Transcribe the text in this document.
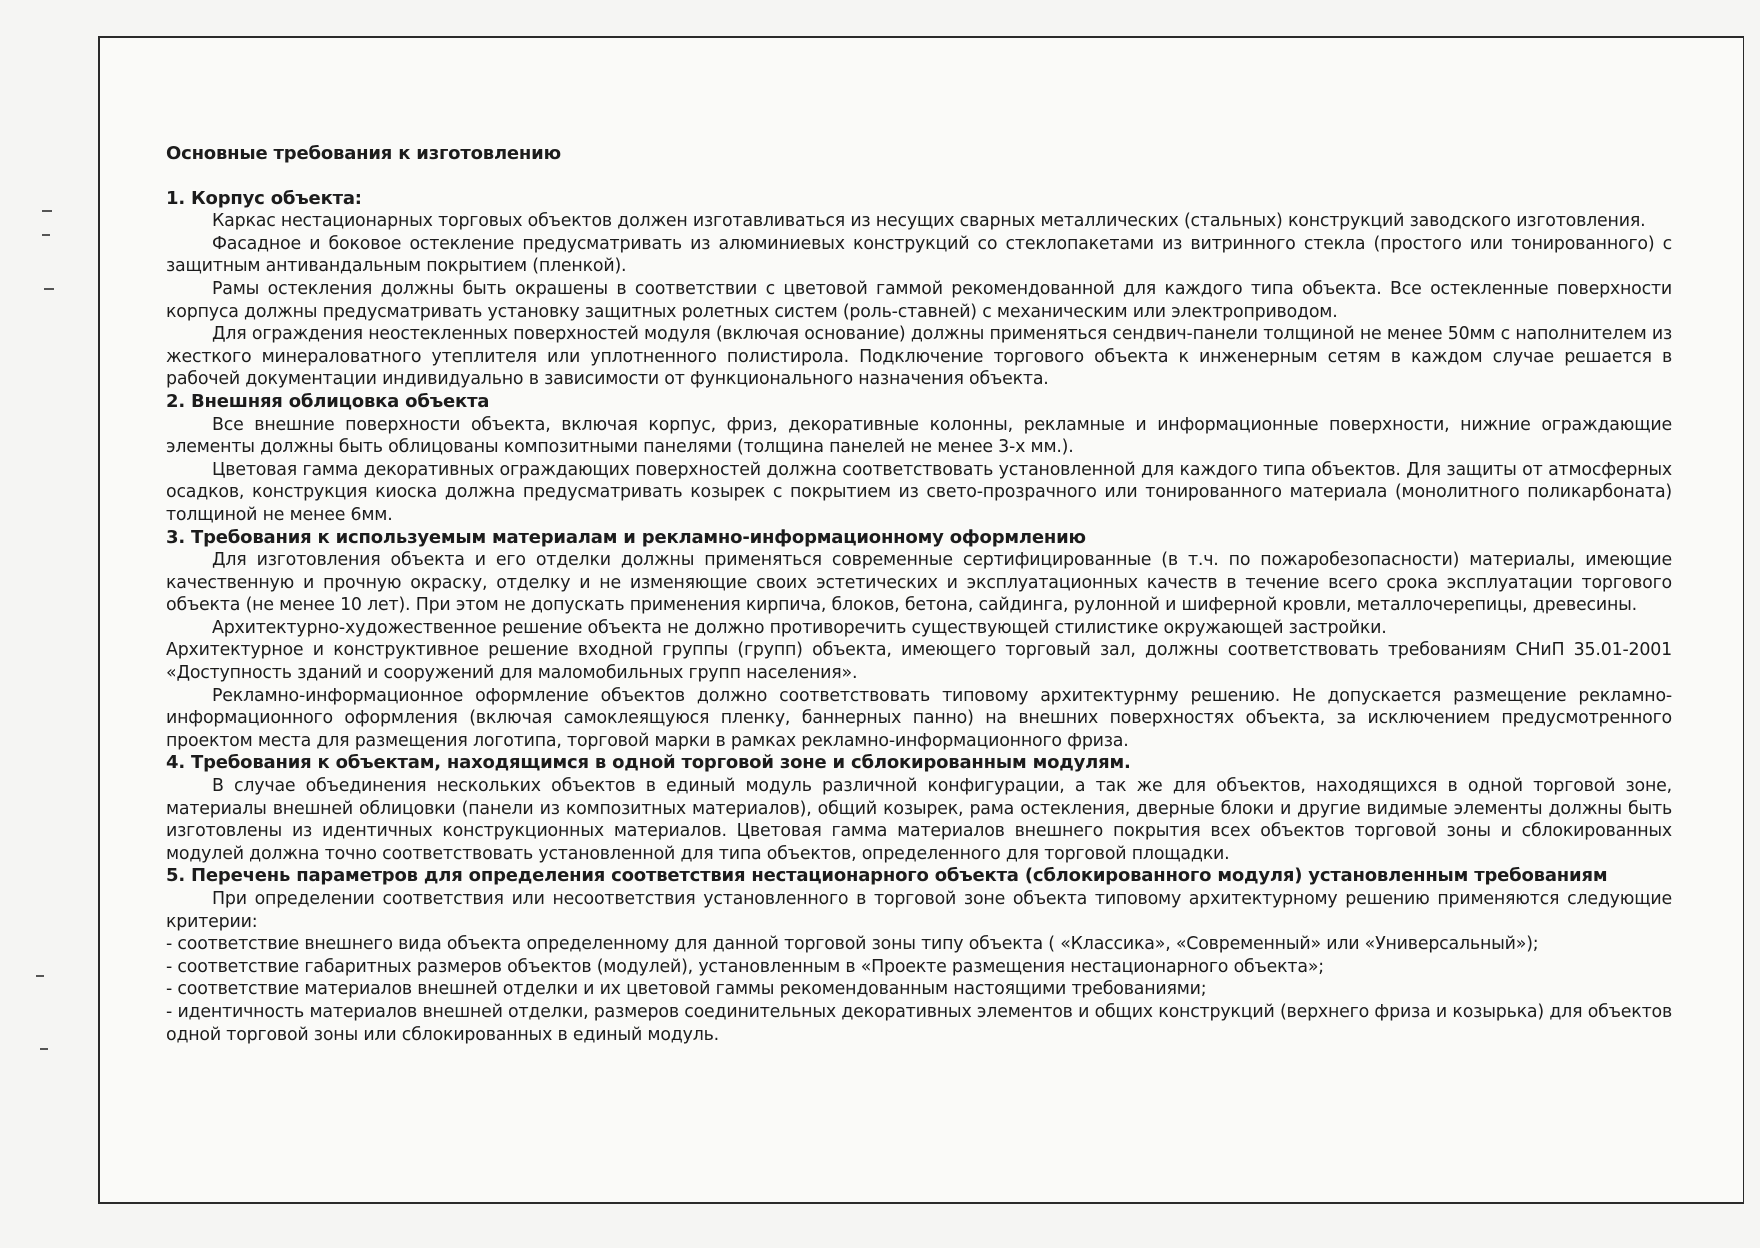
Основные требования к изготовлению

1. Корпус объекта:

Каркас нестационарных торговых объектов должен изготавливаться из несущих сварных металлических (стальных) конструкций заводского изготовления.

Фасадное и боковое остекление предусматривать из алюминиевых конструкций со стеклопакетами из витринного стекла (простого или тонированного) с защитным антивандальным покрытием (пленкой).

Рамы остекления должны быть окрашены в соответствии с цветовой гаммой рекомендованной для каждого типа объекта. Все остекленные поверхности корпуса должны предусматривать установку защитных ролетных систем (роль-ставней) с механическим или электроприводом.

Для ограждения неостекленных поверхностей модуля (включая основание) должны применяться сендвич-панели толщиной не менее 50мм с наполнителем из жесткого минераловатного утеплителя или уплотненного полистирола. Подключение торгового объекта к инженерным сетям в каждом случае решается в рабочей документации индивидуально в зависимости от функционального назначения объекта.

2. Внешняя облицовка объекта

Все внешние поверхности объекта, включая корпус, фриз, декоративные колонны, рекламные и информационные поверхности, нижние ограждающие элементы должны быть облицованы композитными панелями (толщина панелей не менее 3-х мм.).

Цветовая гамма декоративных ограждающих поверхностей должна соответствовать установленной для каждого типа объектов. Для защиты от атмосферных осадков, конструкция киоска должна предусматривать козырек с покрытием из свето-прозрачного или тонированного материала (монолитного поликарбоната) толщиной не менее 6мм.

3. Требования к используемым материалам и рекламно-информационному оформлению

Для изготовления объекта и его отделки должны применяться современные сертифицированные (в т.ч. по пожаробезопасности) материалы, имеющие качественную и прочную окраску, отделку и не изменяющие своих эстетических и эксплуатационных качеств в течение всего срока эксплуатации торгового объекта (не менее 10 лет). При этом не допускать применения кирпича, блоков, бетона, сайдинга, рулонной и шиферной кровли, металлочерепицы, древесины.

Архитектурно-художественное решение объекта не должно противоречить существующей стилистике окружающей застройки.

Архитектурное и конструктивное решение входной группы (групп) объекта, имеющего торговый зал, должны соответствовать требованиям СНиП 35.01-2001 «Доступность зданий и сооружений для маломобильных групп населения».

Рекламно-информационное оформление объектов должно соответствовать типовому архитектурнму решению. Не допускается размещение рекламно-информационного оформления (включая самоклеящуюся пленку, баннерных панно) на внешних поверхностях объекта, за исключением предусмотренного проектом места для размещения логотипа, торговой марки в рамках рекламно-информационного фриза.

4. Требования к объектам, находящимся в одной торговой зоне и сблокированным модулям.

В случае объединения нескольких объектов в единый модуль различной конфигурации, а так же для объектов, находящихся в одной торговой зоне, материалы внешней облицовки (панели из композитных материалов), общий козырек, рама остекления, дверные блоки и другие видимые элементы должны быть изготовлены из идентичных конструкционных материалов. Цветовая гамма материалов внешнего покрытия всех объектов торговой зоны и сблокированных модулей должна точно соответствовать установленной для типа объектов, определенного для торговой площадки.

5. Перечень параметров для определения соответствия нестационарного объекта (сблокированного модуля) установленным требованиям

При определении соответствия или несоответствия установленного в торговой зоне объекта типовому архитектурному решению применяются следующие критерии:

- соответствие внешнего вида объекта определенному для данной торговой зоны типу объекта ( «Классика», «Современный» или «Универсальный»);

- соответствие габаритных размеров объектов (модулей), установленным в «Проекте размещения нестационарного объекта»;

- соответствие материалов внешней отделки и их цветовой гаммы рекомендованным настоящими требованиями;

- идентичность материалов внешней отделки, размеров соединительных декоративных элементов и общих конструкций (верхнего фриза и козырька) для объектов одной торговой зоны или сблокированных в единый модуль.
